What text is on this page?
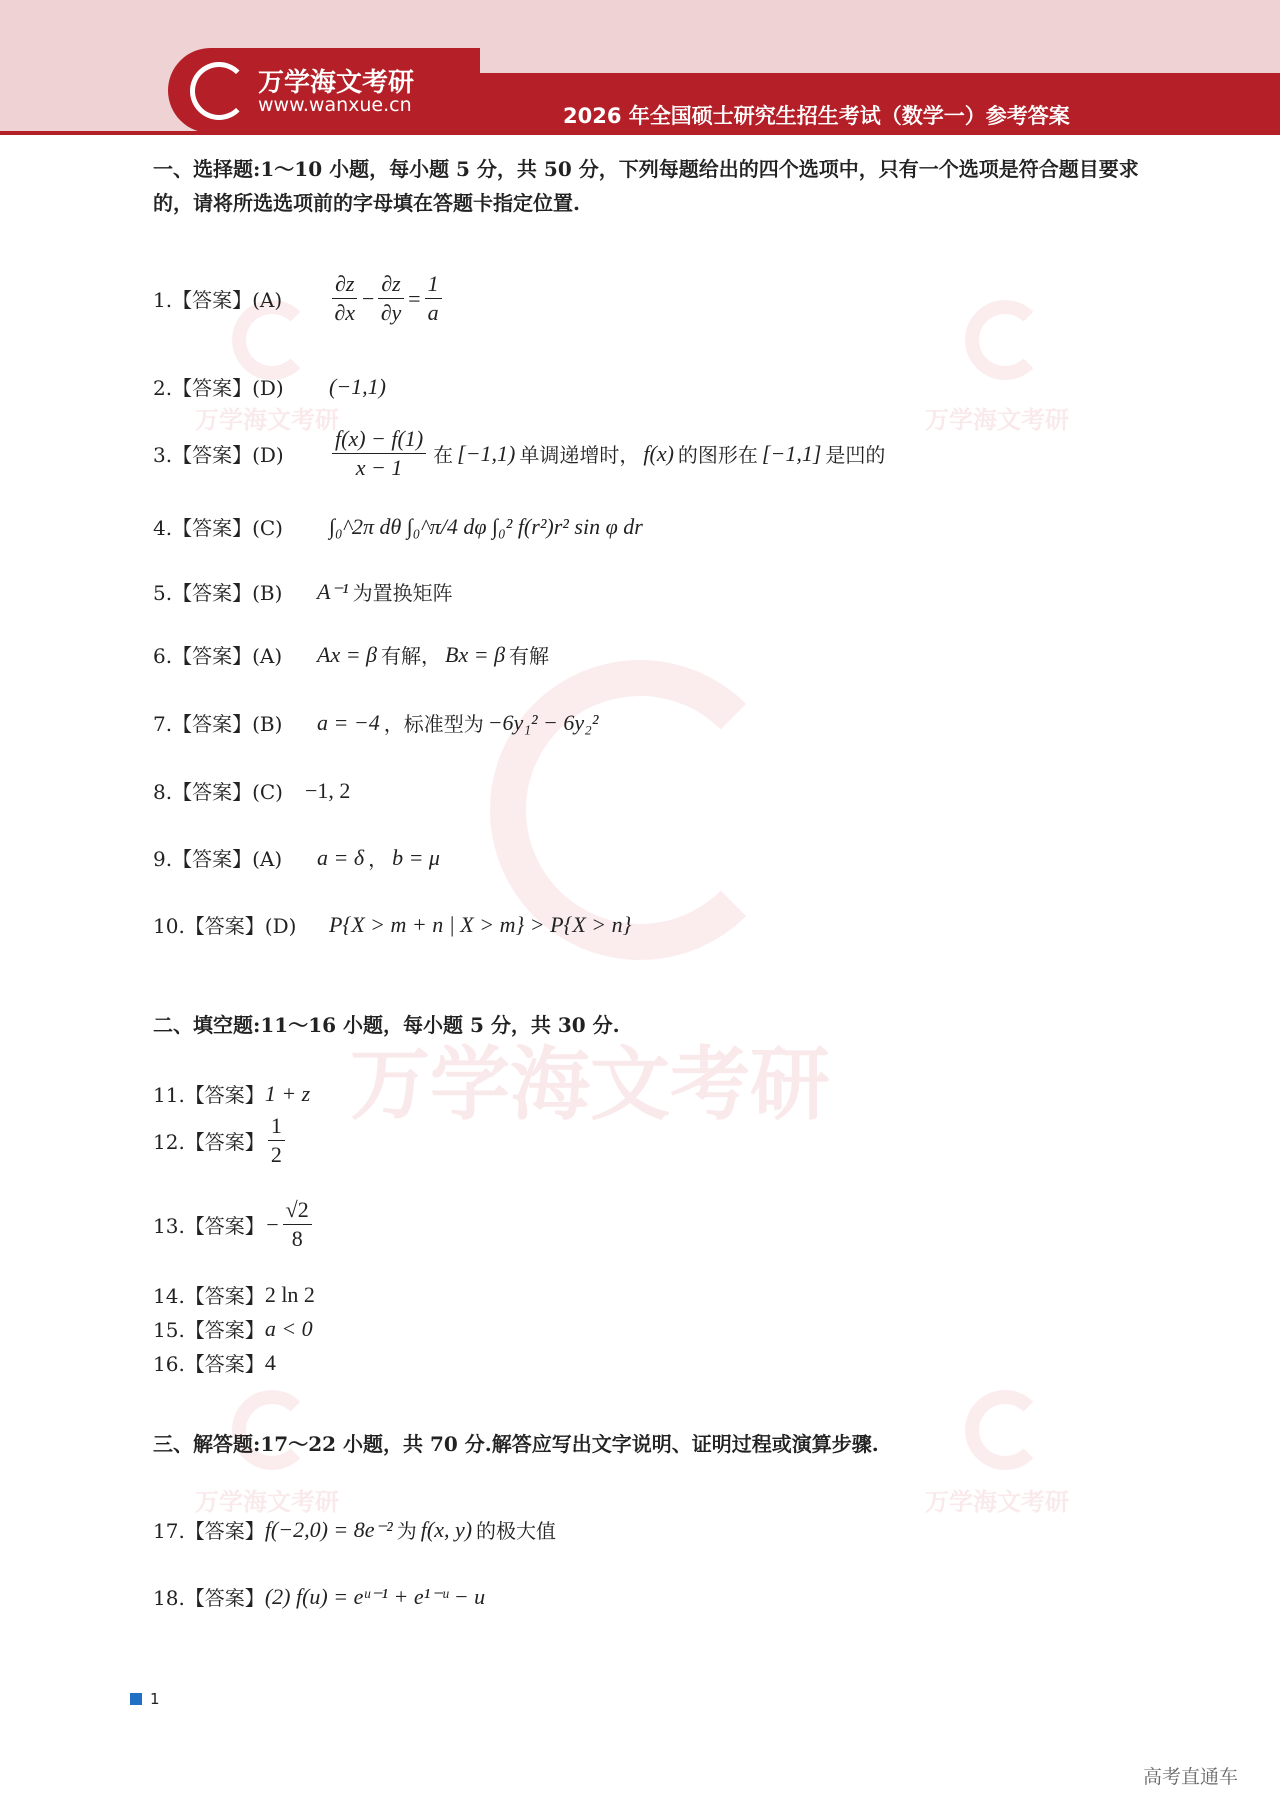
万学海文考研
www.wanxue.cn	2026 年全国硕士研究生招生考试（数学一）参考答案
万学海文考研	万学海文考研
万学海文考研
万学海文考研	万学海文考研
一、选择题:1～10 小题，每小题 5 分，共 50 分，下列每题给出的四个选项中，只有一个选项是符合题目要求的，请将所选选项前的字母填在答题卡指定位置.
1.【答案】(A)	$\frac{\partial z}{\partial x} - \frac{\partial z}{\partial y} = \frac{1}{a}$
2.【答案】(D)	(−1,1)
3.【答案】(D)	$\frac{f(x) - f(1)}{x - 1}$ 在 [−1,1) 单调递增时， f(x) 的图形在 [−1,1] 是凹的
4.【答案】(C)	∫₀^2π dθ ∫₀^π/4 dφ ∫₀² f(r²)r² sin φ dr
5.【答案】(B)	A⁻¹ 为置换矩阵
6.【答案】(A)	Ax = β 有解， Bx = β 有解
7.【答案】(B)	a = −4 ，标准型为 −6y₁² − 6y₂²
8.【答案】(C)	−1, 2
9.【答案】(A)	a = δ ， b = μ
10.【答案】(D)	P{X > m + n | X > m} > P{X > n}
二、填空题:11～16 小题，每小题 5 分，共 30 分.
11.【答案】 1 + z
12.【答案】 $\frac{1}{2}$
13.【答案】 − $\frac{√2}{8}$
14.【答案】 2 ln 2
15.【答案】 a < 0
16.【答案】 4
三、解答题:17～22 小题，共 70 分.解答应写出文字说明、证明过程或演算步骤.
17.【答案】 f(−2,0) = 8e⁻² 为 f(x, y) 的极大值
18.【答案】 (2) f(u) = eᵘ⁻¹ + e¹⁻ᵘ − u
1
高考直通车
